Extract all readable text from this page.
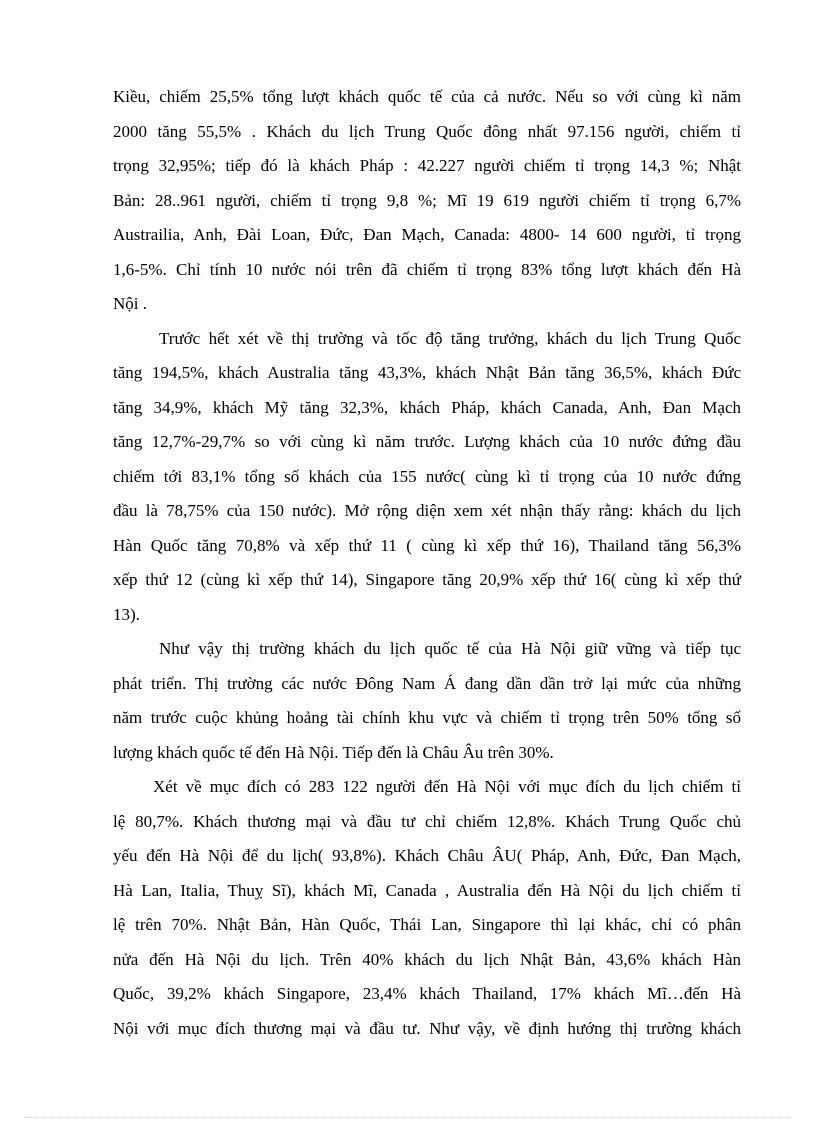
Kiều, chiếm 25,5% tổng lượt khách quốc tế của cả nước. Nếu so với cùng kì năm
2000 tăng 55,5% . Khách du lịch Trung Quốc đông nhất 97.156 người, chiếm tỉ
trọng 32,95%; tiếp đó là khách Pháp : 42.227 người chiếm tỉ trọng 14,3 %; Nhật
Bản: 28..961 người, chiếm tỉ trọng 9,8 %; Mĩ 19 619 người chiếm tỉ trọng 6,7%
Austrailia, Anh, Đài Loan, Đức, Đan Mạch, Canada: 4800- 14 600 người, tỉ trọng
1,6-5%. Chỉ tính 10 nước nói trên đã chiếm tỉ trọng 83% tổng lượt khách đến Hà
Nội .
Trước hết xét về thị trường và tốc độ tăng trưởng, khách du lịch Trung Quốc
tăng 194,5%, khách Australia tăng 43,3%, khách Nhật Bản tăng 36,5%, khách Đức
tăng 34,9%, khách Mỹ tăng 32,3%, khách Pháp, khách Canada, Anh, Đan Mạch
tăng 12,7%-29,7% so với cùng kì năm trước. Lượng khách của 10 nước đứng đầu
chiếm tới 83,1% tổng số khách của 155 nước( cùng kì tỉ trọng của 10 nước đứng
đầu là 78,75% của 150 nước). Mở rộng diện xem xét nhận thấy rằng: khách du lịch
Hàn Quốc tăng 70,8% và xếp thứ 11 ( cùng kì xếp thứ 16), Thailand tăng 56,3%
xếp thứ 12 (cùng kì xếp thứ 14), Singapore tăng 20,9% xếp thứ 16( cùng kì xếp thứ
13).
Như vậy thị trường khách du lịch quốc tế của Hà Nội giữ vững và tiếp tục
phát triển. Thị trường các nước Đông Nam Á đang dần dần trở lại mức của những
năm trước cuộc khủng hoảng tài chính khu vực và chiếm tỉ trọng trên 50% tổng số
lượng khách quốc tế đến Hà Nội. Tiếp đến là Châu Âu trên 30%.
Xét về mục đích có 283 122 người đến Hà Nội với mục đích du lịch chiếm tỉ
lệ 80,7%. Khách thương mại và đầu tư chỉ chiếm 12,8%. Khách Trung Quốc chủ
yếu đến Hà Nội để du lịch( 93,8%). Khách Châu ÂU( Pháp, Anh, Đức, Đan Mạch,
Hà Lan, Italia, Thuỵ Sĩ), khách Mĩ, Canada , Australia đến Hà Nội du lịch chiếm tỉ
lệ trên 70%. Nhật Bản, Hàn Quốc, Thái Lan, Singapore thì lại khác, chỉ có phân
nửa đến Hà Nội du lịch. Trên 40% khách du lịch Nhật Bản, 43,6% khách Hàn
Quốc, 39,2% khách Singapore, 23,4% khách Thailand, 17% khách Mĩ…đến Hà
Nội với mục đích thương mại và đầu tư. Như vậy, về định hướng thị trường khách
